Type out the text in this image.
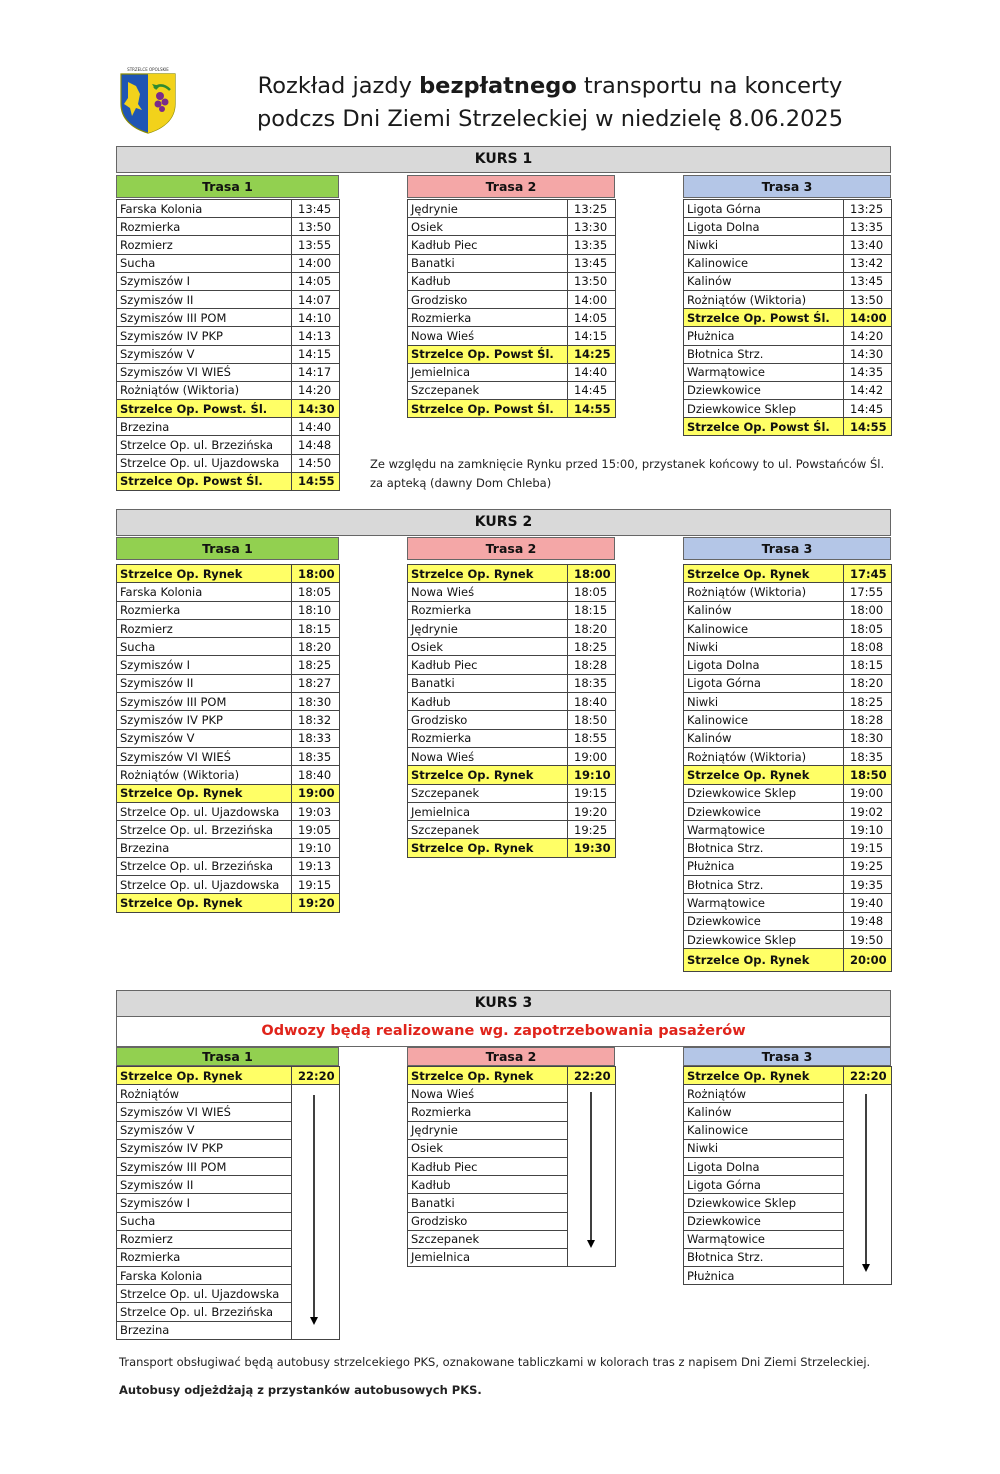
STRZELCE OPOLSKIE
Rozkład jazdy bezpłatnego transportu na koncerty
podczs Dni Ziemi Strzeleckiej w niedzielę 8.06.2025
KURS 1
Trasa 1	Trasa 2	Trasa 3
Farska Kolonia	13:45
Rozmierka	13:50
Rozmierz	13:55
Sucha	14:00
Szymiszów I	14:05
Szymiszów II	14:07
Szymiszów III POM	14:10
Szymiszów IV PKP	14:13
Szymiszów V	14:15
Szymiszów VI WIEŚ	14:17
Rożniątów (Wiktoria)	14:20
Strzelce Op. Powst. Śl.	14:30
Brzezina	14:40
Strzelce Op. ul. Brzezińska	14:48
Strzelce Op. ul. Ujazdowska	14:50
Strzelce Op. Powst Śl.	14:55
Jędrynie	13:25
Osiek	13:30
Kadłub Piec	13:35
Banatki	13:45
Kadłub	13:50
Grodzisko	14:00
Rozmierka	14:05
Nowa Wieś	14:15
Strzelce Op. Powst Śl.	14:25
Jemielnica	14:40
Szczepanek	14:45
Strzelce Op. Powst Śl.	14:55
Ligota Górna	13:25
Ligota Dolna	13:35
Niwki	13:40
Kalinowice	13:42
Kalinów	13:45
Rożniątów (Wiktoria)	13:50
Strzelce Op. Powst Śl.	14:00
Płużnica	14:20
Błotnica Strz.	14:30
Warmątowice	14:35
Dziewkowice	14:42
Dziewkowice Sklep	14:45
Strzelce Op. Powst Śl.	14:55
Ze względu na zamknięcie Rynku przed 15:00, przystanek końcowy to ul. Powstańców Śl.
za apteką (dawny Dom Chleba)
KURS 2
Trasa 1	Trasa 2	Trasa 3
Strzelce Op. Rynek	18:00
Farska Kolonia	18:05
Rozmierka	18:10
Rozmierz	18:15
Sucha	18:20
Szymiszów I	18:25
Szymiszów II	18:27
Szymiszów III POM	18:30
Szymiszów IV PKP	18:32
Szymiszów V	18:33
Szymiszów VI WIEŚ	18:35
Rożniątów (Wiktoria)	18:40
Strzelce Op. Rynek	19:00
Strzelce Op. ul. Ujazdowska	19:03
Strzelce Op. ul. Brzezińska	19:05
Brzezina	19:10
Strzelce Op. ul. Brzezińska	19:13
Strzelce Op. ul. Ujazdowska	19:15
Strzelce Op. Rynek	19:20
Strzelce Op. Rynek	18:00
Nowa Wieś	18:05
Rozmierka	18:15
Jędrynie	18:20
Osiek	18:25
Kadłub Piec	18:28
Banatki	18:35
Kadłub	18:40
Grodzisko	18:50
Rozmierka	18:55
Nowa Wieś	19:00
Strzelce Op. Rynek	19:10
Szczepanek	19:15
Jemielnica	19:20
Szczepanek	19:25
Strzelce Op. Rynek	19:30
Strzelce Op. Rynek	17:45
Rożniątów (Wiktoria)	17:55
Kalinów	18:00
Kalinowice	18:05
Niwki	18:08
Ligota Dolna	18:15
Ligota Górna	18:20
Niwki	18:25
Kalinowice	18:28
Kalinów	18:30
Rożniątów (Wiktoria)	18:35
Strzelce Op. Rynek	18:50
Dziewkowice Sklep	19:00
Dziewkowice	19:02
Warmątowice	19:10
Błotnica Strz.	19:15
Płużnica	19:25
Błotnica Strz.	19:35
Warmątowice	19:40
Dziewkowice	19:48
Dziewkowice Sklep	19:50
Strzelce Op. Rynek	20:00
KURS 3
Odwozy będą realizowane wg. zapotrzebowania pasażerów
Trasa 1	Trasa 2	Trasa 3
Strzelce Op. Rynek	22:20
Rożniątów	
Szymiszów VI WIEŚ	
Szymiszów V	
Szymiszów IV PKP	
Szymiszów III POM	
Szymiszów II	
Szymiszów I	
Sucha	
Rozmierz	
Rozmierka	
Farska Kolonia	
Strzelce Op. ul. Ujazdowska	
Strzelce Op. ul. Brzezińska	
Brzezina	
Strzelce Op. Rynek	22:20
Nowa Wieś	
Rozmierka	
Jędrynie	
Osiek	
Kadłub Piec	
Kadłub	
Banatki	
Grodzisko	
Szczepanek	
Jemielnica	
Strzelce Op. Rynek	22:20
Rożniątów	
Kalinów	
Kalinowice	
Niwki	
Ligota Dolna	
Ligota Górna	
Dziewkowice Sklep	
Dziewkowice	
Warmątowice	
Błotnica Strz.	
Płużnica	
Transport obsługiwać będą autobusy strzelcekiego PKS, oznakowane tabliczkami w kolorach tras z napisem Dni Ziemi Strzeleckiej.
Autobusy odjeżdżają z przystanków autobusowych PKS.
